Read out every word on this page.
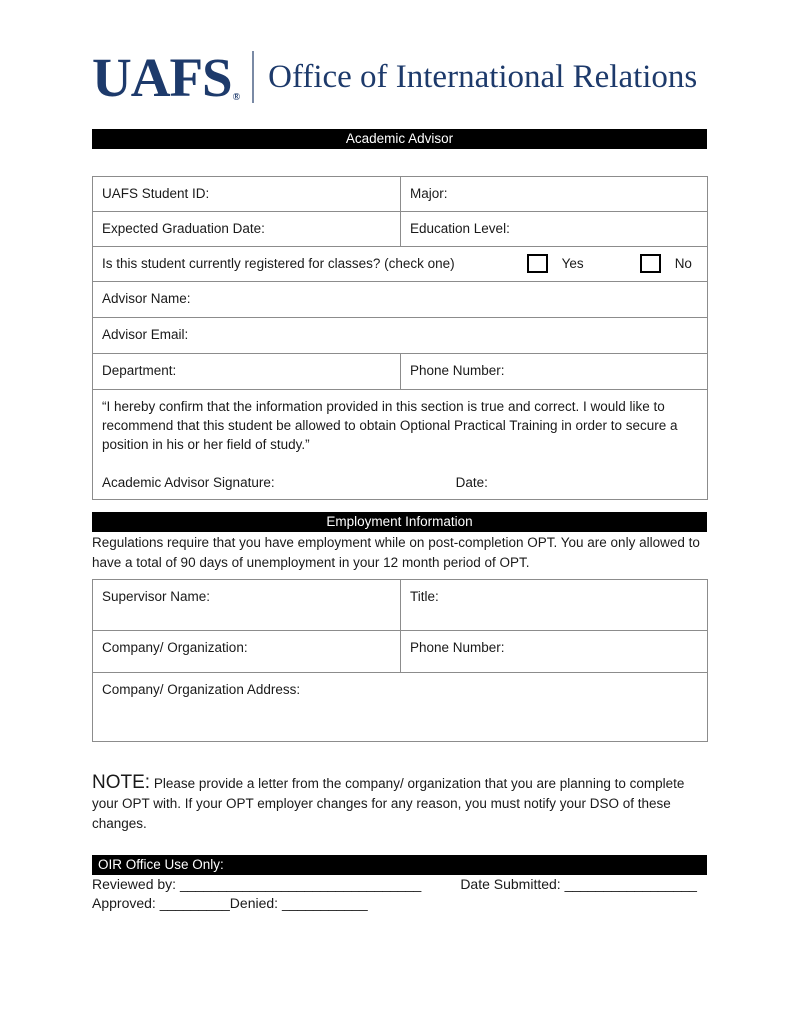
UAFS®
Office of International Relations
Academic Advisor
UAFS Student ID:	Major:
Expected Graduation Date:	Education Level:

Is this student currently registered for classes? (check one) Yes No	

Advisor Name:	
Advisor Email:	
Department:	Phone Number:

“I hereby confirm that the information provided in this section is true and correct. I would like to recommend that this student be allowed to obtain Optional Practical Training in order to secure a position in his or her field of study.”
Academic Advisor Signature: Date:	
Employment Information
Regulations require that you have employment while on post-completion OPT. You are only allowed to have a total of 90 days of unemployment in your 12 month period of OPT.
Supervisor Name:	Title:
Company/ Organization:	Phone Number:
Company/ Organization Address:	
NOTE: Please provide a letter from the company/ organization that you are planning to complete your OPT with. If your OPT employer changes for any reason, you must notify your DSO of these changes.
OIR Office Use Only:
Reviewed by: _______________________________	Date Submitted: _________________
Approved: _________ Denied: ___________
